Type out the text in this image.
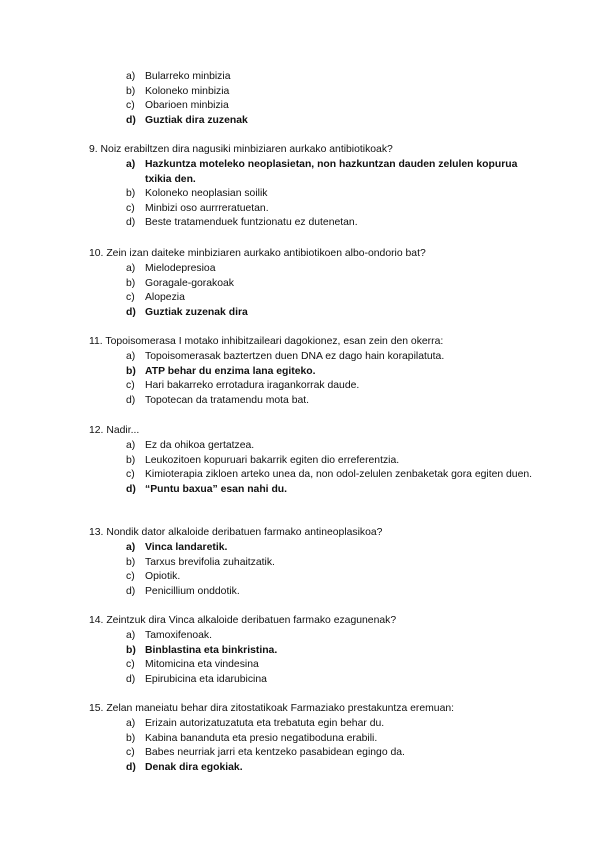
a) Bularreko minbizia
b) Koloneko minbizia
c) Obarioen minbizia
d) Guztiak dira zuzenak
9. Noiz erabiltzen dira nagusiki minbiziaren aurkako antibiotikoak?
a) Hazkuntza moteleko neoplasietan, non hazkuntzan dauden zelulen kopurua txikia den.
b) Koloneko neoplasian soilik
c) Minbizi oso aurrreratuetan.
d) Beste tratamenduek funtzionatu ez dutenetan.
10. Zein izan daiteke minbiziaren aurkako antibiotikoen albo-ondorio bat?
a) Mielodepresioa
b) Goragale-gorakoak
c) Alopezia
d) Guztiak zuzenak dira
11. Topoisomerasa I motako inhibitzaileari dagokionez, esan zein den okerra:
a) Topoisomerasak baztertzen duen DNA ez dago hain korapilatuta.
b) ATP behar du enzima lana egiteko.
c) Hari bakarreko errotadura iragankorrak daude.
d) Topotecan da tratamendu mota bat.
12. Nadir...
a) Ez da ohikoa gertatzea.
b) Leukozitoen kopuruari bakarrik egiten dio erreferentzia.
c) Kimioterapia zikloen arteko unea da, non odol-zelulen zenbaketak gora egiten duen.
d) “Puntu baxua” esan nahi du.
13. Nondik dator alkaloide deribatuen farmako antineoplasikoa?
a) Vinca landaretik.
b) Tarxus brevifolia zuhaitzatik.
c) Opiotik.
d) Penicillium onddotik.
14. Zeintzuk dira Vinca alkaloide deribatuen farmako ezagunenak?
a) Tamoxifenoak.
b) Binblastina eta binkristina.
c) Mitomicina eta vindesina
d) Epirubicina eta idarubicina
15. Zelan maneiatu behar dira zitostatikoak Farmaziako prestakuntza eremuan:
a) Erizain autorizatuzatuta eta trebatuta egin behar du.
b) Kabina bananduta eta presio negatiboduna erabili.
c) Babes neurriak jarri eta kentzeko pasabidean egingo da.
d) Denak dira egokiak.
